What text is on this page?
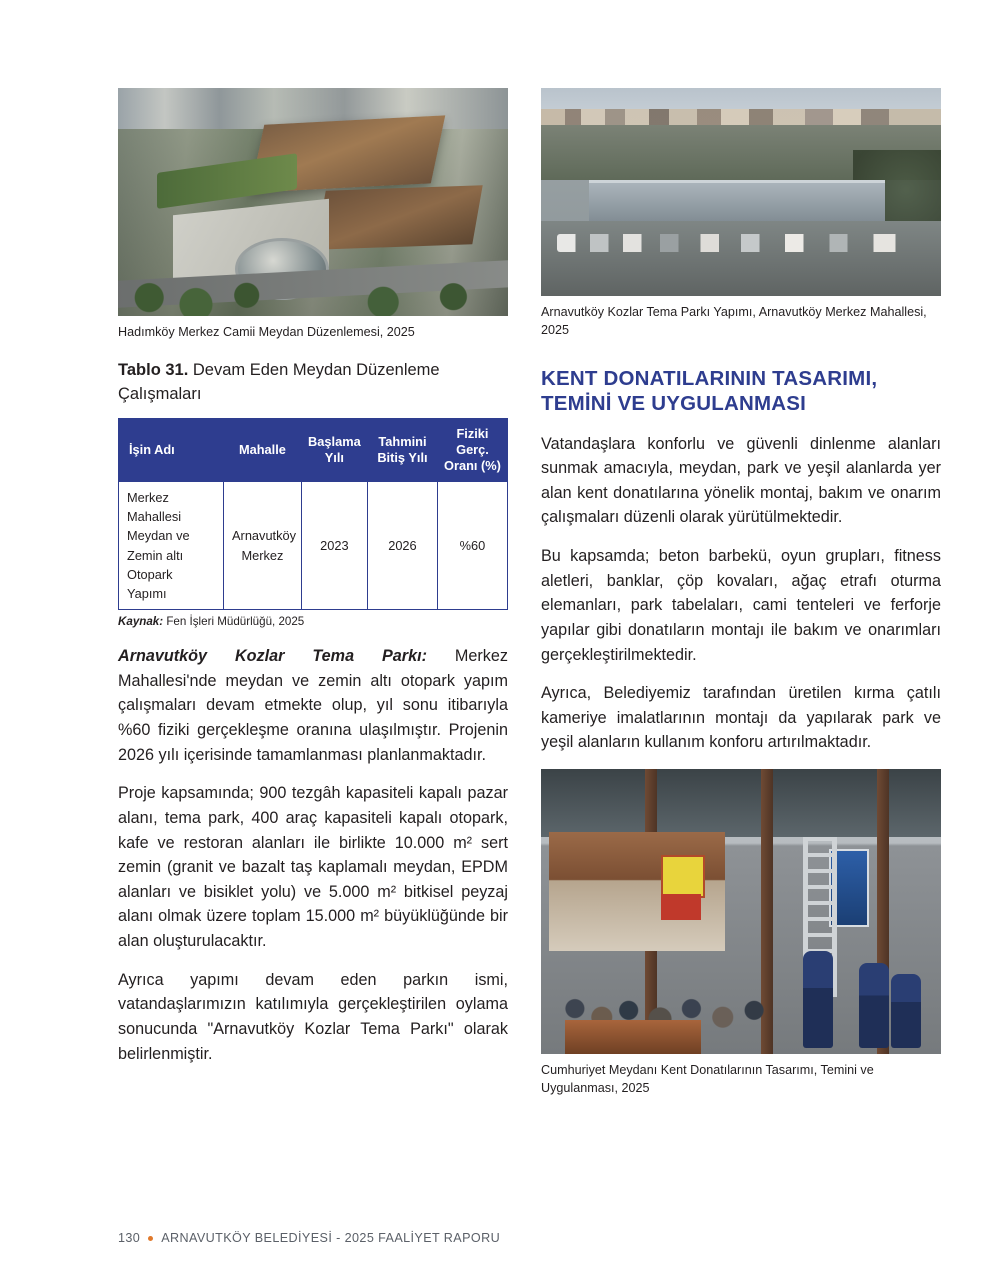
Hadımköy Merkez Camii Meydan Düzenlemesi, 2025
Tablo 31. Devam Eden Meydan Düzenleme Çalışmaları
İşin Adı	Mahalle	Başlama Yılı	Tahmini Bitiş Yılı	Fiziki Gerç. Oranı (%)
Merkez Mahallesi Meydan ve Zemin altı Otopark Yapımı	Arnavutköy Merkez	2023	2026	%60
Kaynak: Fen İşleri Müdürlüğü, 2025

Arnavutköy Kozlar Tema Parkı: Merkez Mahallesi'nde meydan ve zemin altı otopark yapım çalışmaları devam etmekte olup, yıl sonu itibarıyla %60 fiziki gerçekleşme oranına ulaşılmıştır. Projenin 2026 yılı içerisinde tamamlanması planlanmaktadır.

Proje kapsamında; 900 tezgâh kapasiteli kapalı pazar alanı, tema park, 400 araç kapasiteli kapalı otopark, kafe ve restoran alanları ile birlikte 10.000 m² sert zemin (granit ve bazalt taş kaplamalı meydan, EPDM alanları ve bisiklet yolu) ve 5.000 m² bitkisel peyzaj alanı olmak üzere toplam 15.000 m² büyüklüğünde bir alan oluşturulacaktır.

Ayrıca yapımı devam eden parkın ismi, vatandaşlarımızın katılımıyla gerçekleştirilen oylama sonucunda "Arnavutköy Kozlar Tema Parkı" olarak belirlenmiştir.

Arnavutköy Kozlar Tema Parkı Yapımı, Arnavutköy Merkez Mahallesi, 2025
KENT DONATILARININ TASARIMI, TEMİNİ VE UYGULANMASI

Vatandaşlara konforlu ve güvenli dinlenme alanları sunmak amacıyla, meydan, park ve yeşil alanlarda yer alan kent donatılarına yönelik montaj, bakım ve onarım çalışmaları düzenli olarak yürütülmektedir.

Bu kapsamda; beton barbekü, oyun grupları, fitness aletleri, banklar, çöp kovaları, ağaç etrafı oturma elemanları, park tabelaları, cami tenteleri ve ferforje yapılar gibi donatıların montajı ile bakım ve onarımları gerçekleştirilmektedir.

Ayrıca, Belediyemiz tarafından üretilen kırma çatılı kameriye imalatlarının montajı da yapılarak park ve yeşil alanların kullanım konforu artırılmaktadır.

Cumhuriyet Meydanı Kent Donatılarının Tasarımı, Temini ve Uygulanması, 2025
130 ARNAVUTKÖY BELEDİYESİ - 2025 FAALİYET RAPORU
